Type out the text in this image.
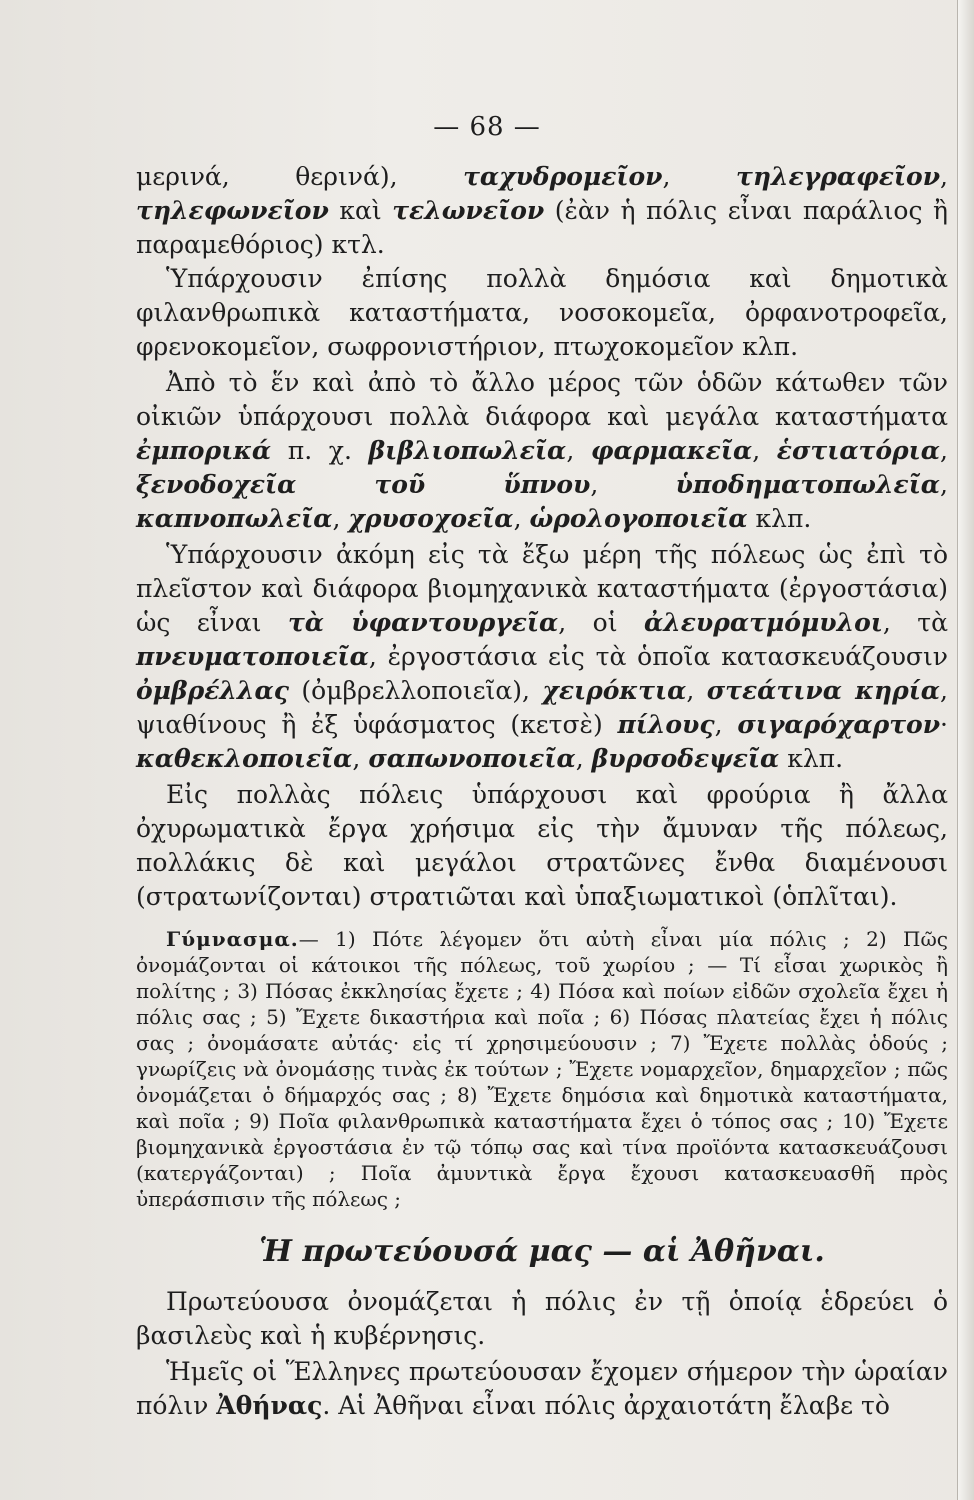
— 68 —

μερινά, θερινά), ταχυδρομεῖον, τηλεγραφεῖον, τηλεφωνεῖον καὶ τελωνεῖον (ἐὰν ἡ πόλις εἶναι παράλιος ἢ παραμεθόριος) κτλ.

Ὑπάρχουσιν ἐπίσης πολλὰ δημόσια καὶ δημοτικὰ φιλανθρωπικὰ καταστήματα, νοσοκομεῖα, ὀρφανοτροφεῖα, φρενοκομεῖον, σωφρονιστήριον, πτωχοκομεῖον κλπ.

Ἀπὸ τὸ ἕν καὶ ἀπὸ τὸ ἄλλο μέρος τῶν ὁδῶν κάτωθεν τῶν οἰκιῶν ὑπάρχουσι πολλὰ διάφορα καὶ μεγάλα καταστήματα ἐμπορικά π. χ. βιβλιοπωλεῖα, φαρμακεῖα, ἑστιατόρια, ξενοδοχεῖα τοῦ ὕπνου, ὑποδηματοπωλεῖα, καπνοπωλεῖα, χρυσοχοεῖα, ὡρολογοποιεῖα κλπ.

Ὑπάρχουσιν ἀκόμη εἰς τὰ ἔξω μέρη τῆς πόλεως ὡς ἐπὶ τὸ πλεῖστον καὶ διάφορα βιομηχανικὰ καταστήματα (ἐργοστάσια) ὡς εἶναι τὰ ὑφαντουργεῖα, οἱ ἀλευρατμόμυλοι, τὰ πνευματοποιεῖα, ἐργοστάσια εἰς τὰ ὁποῖα κατασκευάζουσιν ὀμβρέλλας (ὀμβρελλοποιεῖα), χειρόκτια, στεάτινα κηρία, ψιαθίνους ἢ ἐξ ὑφάσματος (κετσὲ) πίλους, σιγαρόχαρτον· καθεκλοποιεῖα, σαπωνοποιεῖα, βυρσοδεψεῖα κλπ.

Εἰς πολλὰς πόλεις ὑπάρχουσι καὶ φρούρια ἢ ἄλλα ὀχυρωματικὰ ἔργα χρήσιμα εἰς τὴν ἄμυναν τῆς πόλεως, πολλάκις δὲ καὶ μεγάλοι στρατῶνες ἔνθα διαμένουσι (στρατωνίζονται) στρατιῶται καὶ ὑπαξιωματικοὶ (ὁπλῖται).

Γύμνασμα.— 1) Πότε λέγομεν ὅτι αὐτὴ εἶναι μία πόλις ; 2) Πῶς ὀνομάζονται οἱ κάτοικοι τῆς πόλεως, τοῦ χωρίου ; — Τί εἶσαι χωρικὸς ἢ πολίτης ; 3) Πόσας ἐκκλησίας ἔχετε ; 4) Πόσα καὶ ποίων εἰδῶν σχολεῖα ἔχει ἡ πόλις σας ; 5) Ἔχετε δικαστήρια καὶ ποῖα ; 6) Πόσας πλατείας ἔχει ἡ πόλις σας ; ὀνομάσατε αὐτάς· εἰς τί χρησιμεύουσιν ; 7) Ἔχετε πολλὰς ὁδούς ; γνωρίζεις νὰ ὀνομάσῃς τινὰς ἐκ τούτων ; Ἔχετε νομαρχεῖον, δημαρχεῖον ; πῶς ὀνομάζεται ὁ δήμαρχός σας ; 8) Ἔχετε δημόσια καὶ δημοτικὰ καταστήματα, καὶ ποῖα ; 9) Ποῖα φιλανθρωπικὰ καταστήματα ἔχει ὁ τόπος σας ; 10) Ἔχετε βιομηχανικὰ ἐργοστάσια ἐν τῷ τόπῳ σας καὶ τίνα προϊόντα κατασκευάζουσι (κατεργάζονται) ; Ποῖα ἀμυντικὰ ἔργα ἔχουσι κατασκευασθῆ πρὸς ὑπεράσπισιν τῆς πόλεως ;

Ἡ πρωτεύουσά μας — αἱ Ἀθῆναι.

Πρωτεύουσα ὀνομάζεται ἡ πόλις ἐν τῇ ὁποίᾳ ἑδρεύει ὁ βασιλεὺς καὶ ἡ κυβέρνησις.

Ἡμεῖς οἱ Ἕλληνες πρωτεύουσαν ἔχομεν σήμερον τὴν ὡραίαν πόλιν Ἀθήνας. Αἱ Ἀθῆναι εἶναι πόλις ἀρχαιοτάτη ἔλαβε τὸ
